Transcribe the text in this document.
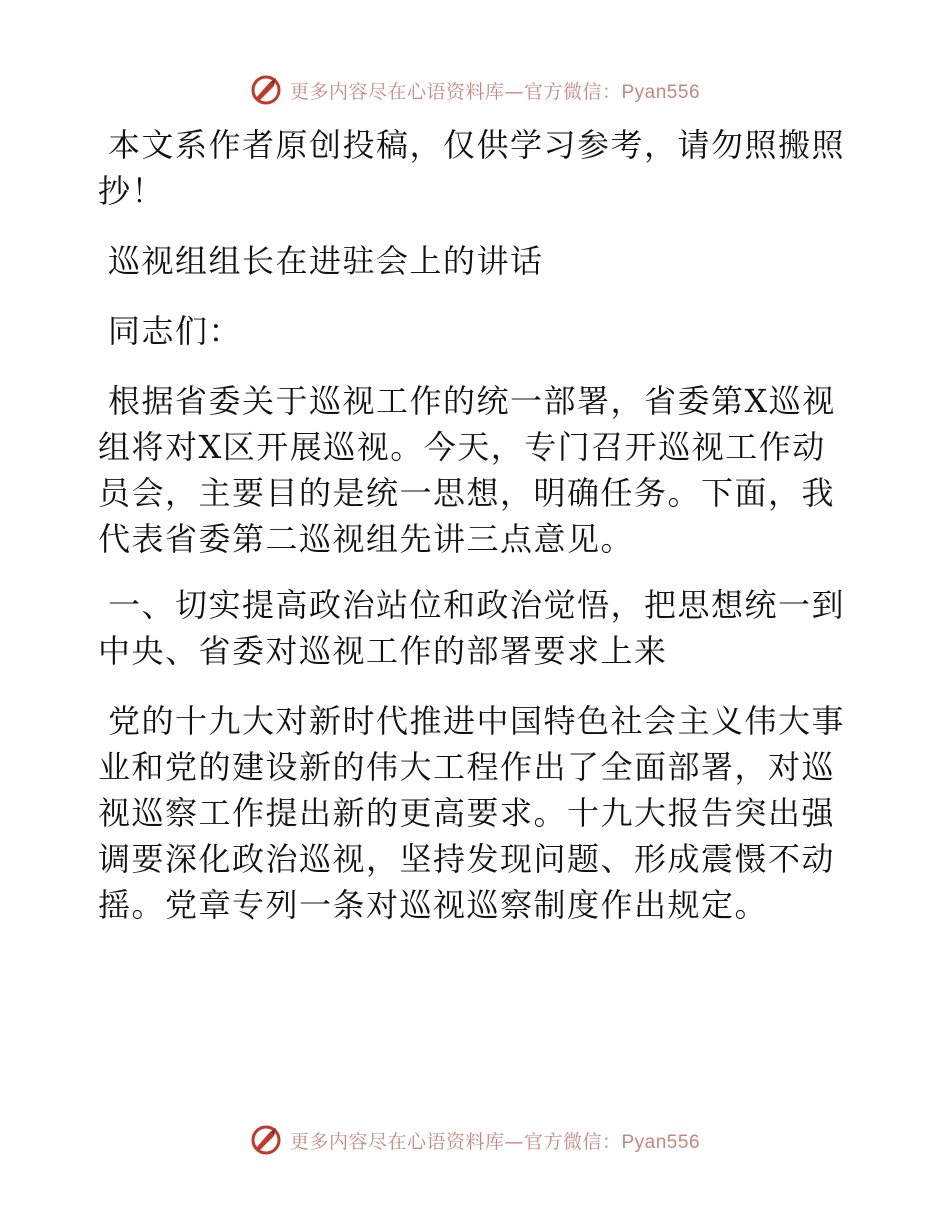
更多内容尽在心语资料库—官方微信：Pyan556

本文系作者原创投稿，仅供学习参考，请勿照搬照抄！

巡视组组长在进驻会上的讲话

同志们：

根据省委关于巡视工作的统一部署，省委第X巡视组将对X区开展巡视。今天，专门召开巡视工作动员会，主要目的是统一思想，明确任务。下面，我代表省委第二巡视组先讲三点意见。

一、切实提高政治站位和政治觉悟，把思想统一到中央、省委对巡视工作的部署要求上来

党的十九大对新时代推进中国特色社会主义伟大事业和党的建设新的伟大工程作出了全面部署，对巡视巡察工作提出新的更高要求。十九大报告突出强调要深化政治巡视，坚持发现问题、形成震慑不动摇。党章专列一条对巡视巡察制度作出规定。

更多内容尽在心语资料库—官方微信：Pyan556
